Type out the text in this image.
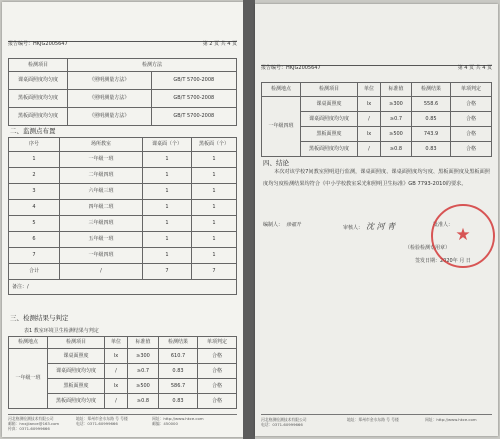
报告编号：HKJG2005647	第 2 页 共 4 页
检测项目	检测方法	
课桌面照度均匀度	《照明测量方法》	GB/T 5700-2008
黑板面照度均匀度	《照明测量方法》	GB/T 5700-2008
黑板面照度均匀度	《照明测量方法》	GB/T 5700-2008
二、监测点布置
序号	场所教室	课桌面（个）	黑板面（个）
1	一年级一班	1	1
2	二年级四班	1	1
3	六年级三班	1	1
4	四年级二班	1	1
5	三年级四班	1	1
6	五年级一班	1	1
7	一年级四班	1	1
合计	/	7	7
备注：/			
三、检测结果与判定
表1 教室环境卫生检测结果与判定
检测地点	检测项目	单位	标准值	检测结果	单项判定
一年级一班	课桌面照度	lx	≥300	610.7	合格
	课桌面照度均匀度	/	≥0.7	0.83	合格
	黑板面照度	lx	≥500	586.7	合格
	黑板面照度均匀度	/	≥0.8	0.83	合格
河北格测检测技术有限公司
邮箱：hnxjjiance@163.com
传真：0371-60999666
地址：郑州市金水东路 号 号楼
电话：0371-60999666
网址：http://www.hkce.com
邮编：450000
报告编号：HKJG2005647	第 4 页 共 4 页
检测地点	检测项目	单位	标准值	检测结果	单项判定
一年级四班	课桌面照度	lx	≥300	558.6	合格
	课桌面照度均匀度	/	≥0.7	0.85	合格
	黑板面照度	lx	≥500	743.9	合格
	黑板面照度均匀度	/	≥0.8	0.83	合格
四、结论
本次对该学校7间教室照明进行监测，课桌面照度、课桌面照度均匀度、黑板面照度及黑板面照度均匀度检测结果均符合《中小学校教室采光和照明卫生标准》GB 7793-2010的要求。
编制人： 徐福升	审核人： 沈 河 青	批准人：
（检验检测专用章）
签发日期：2020年 月 日
★
河北格测检测技术有限公司
电话：0371-60999666
地址：郑州市金水东路 号 号楼	网址：http://www.hkce.com
